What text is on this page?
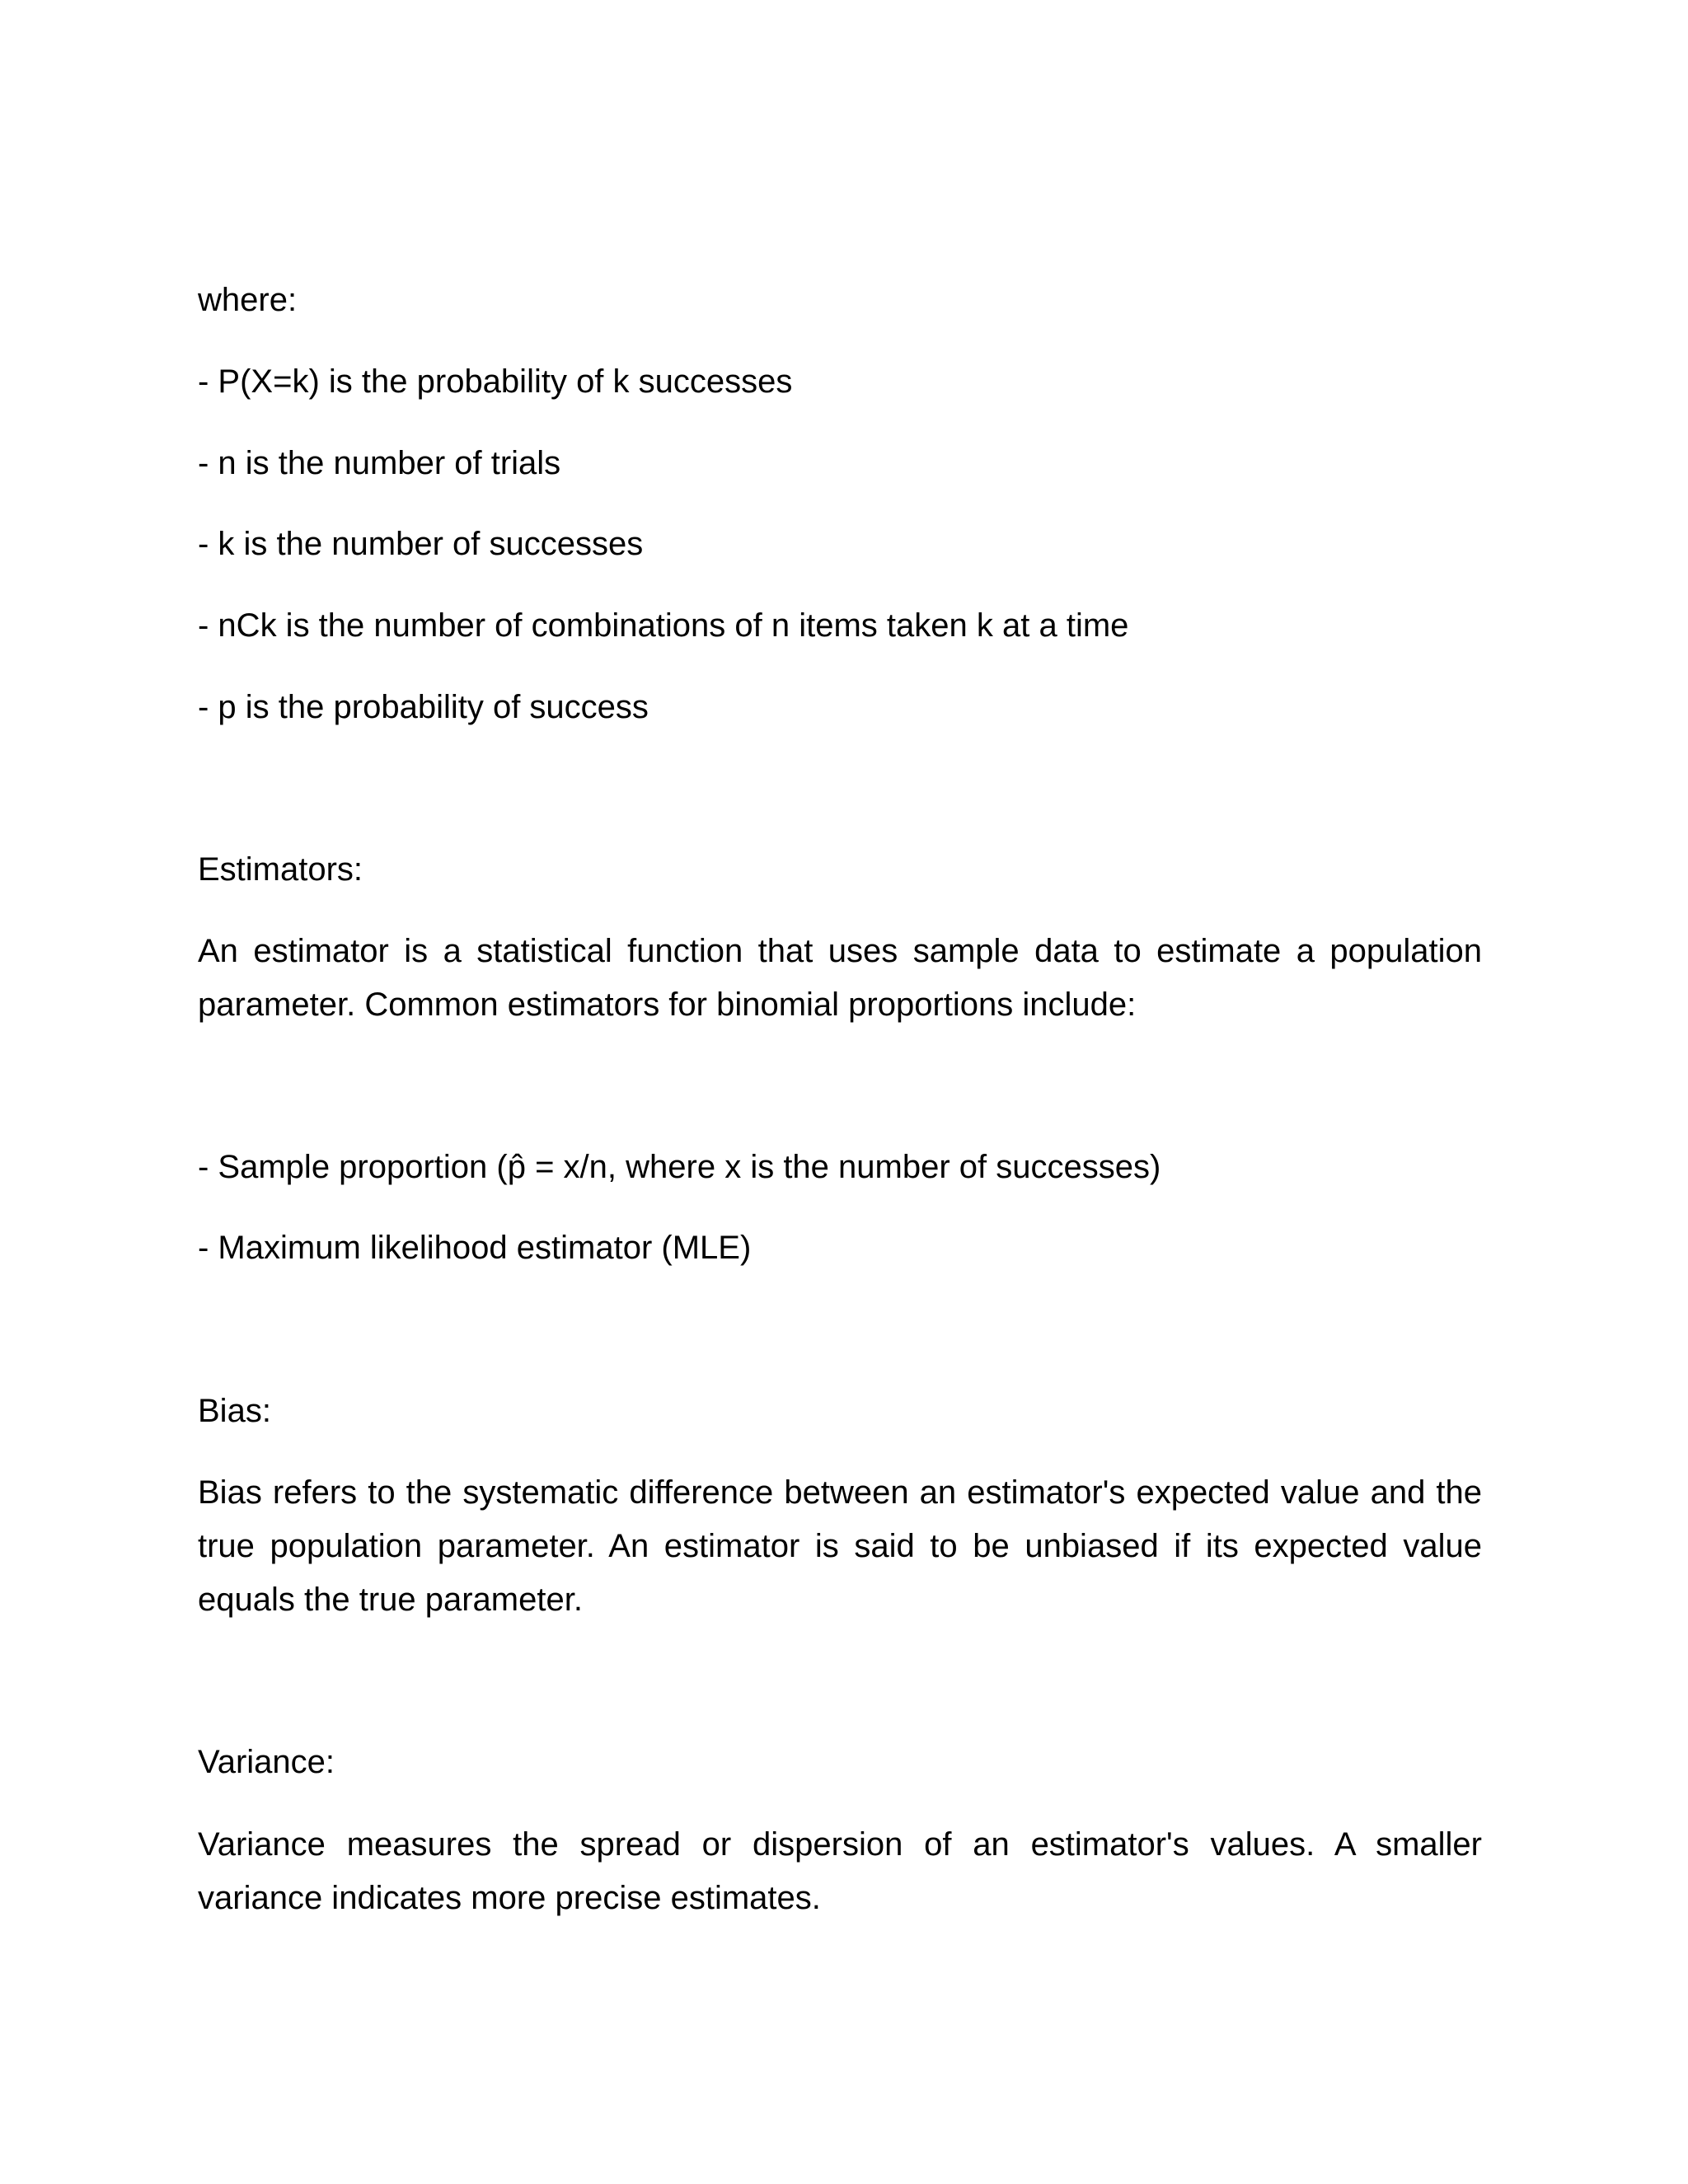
where:

- P(X=k) is the probability of k successes

- n is the number of trials

- k is the number of successes

- nCk is the number of combinations of n items taken k at a time

- p is the probability of success

Estimators:

An estimator is a statistical function that uses sample data to estimate a population parameter. Common estimators for binomial proportions include:

- Sample proportion (p̂ = x/n, where x is the number of successes)

- Maximum likelihood estimator (MLE)

Bias:

Bias refers to the systematic difference between an estimator's expected value and the true population parameter. An estimator is said to be unbiased if its expected value equals the true parameter.

Variance:

Variance measures the spread or dispersion of an estimator's values. A smaller variance indicates more precise estimates.
